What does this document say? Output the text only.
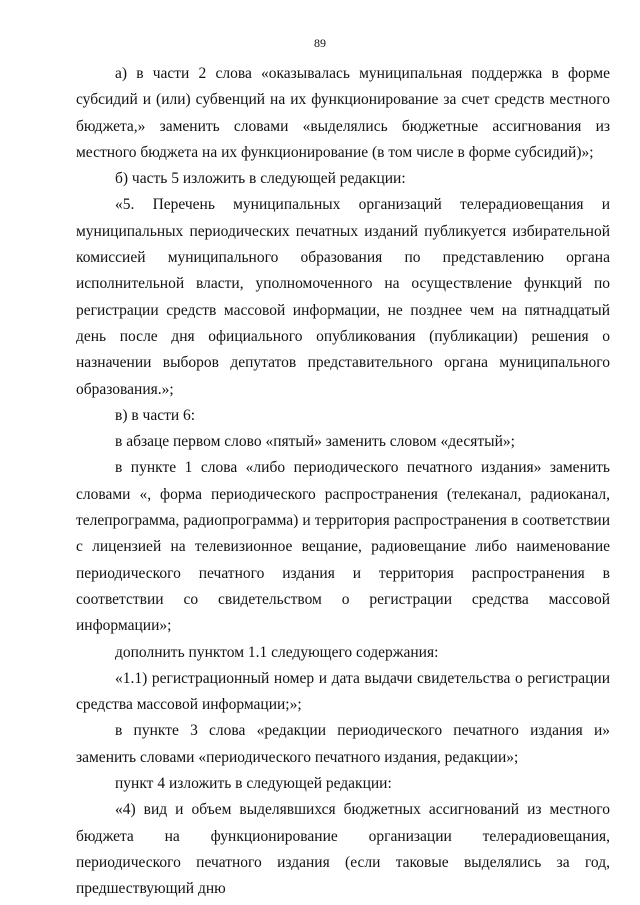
89

а) в части 2 слова «оказывалась муниципальная поддержка в форме субсидий и (или) субвенций на их функционирование за счет средств местного бюджета,» заменить словами «выделялись бюджетные ассигнования из местного бюджета на их функционирование (в том числе в форме субсидий)»;

б) часть 5 изложить в следующей редакции:

«5. Перечень муниципальных организаций телерадиовещания и муниципальных периодических печатных изданий публикуется избирательной комиссией муниципального образования по представлению органа исполнительной власти, уполномоченного на осуществление функций по регистрации средств массовой информации, не позднее чем на пятнадцатый день после дня официального опубликования (публикации) решения о назначении выборов депутатов представительного органа муниципального образования.»;

в) в части 6:

в абзаце первом слово «пятый» заменить словом «десятый»;

в пункте 1 слова «либо периодического печатного издания» заменить словами «, форма периодического распространения (телеканал, радиоканал, телепрограмма, радиопрограмма) и территория распространения в соответствии с лицензией на телевизионное вещание, радиовещание либо наименование периодического печатного издания и территория распространения в соответствии со свидетельством о регистрации средства массовой информации»;

дополнить пунктом 1.1 следующего содержания:

«1.1) регистрационный номер и дата выдачи свидетельства о регистрации средства массовой информации;»;

в пункте 3 слова «редакции периодического печатного издания и» заменить словами «периодического печатного издания, редакции»;

пункт 4 изложить в следующей редакции:

«4) вид и объем выделявшихся бюджетных ассигнований из местного бюджета на функционирование организации телерадиовещания, периодического печатного издания (если таковые выделялись за год, предшествующий дню
